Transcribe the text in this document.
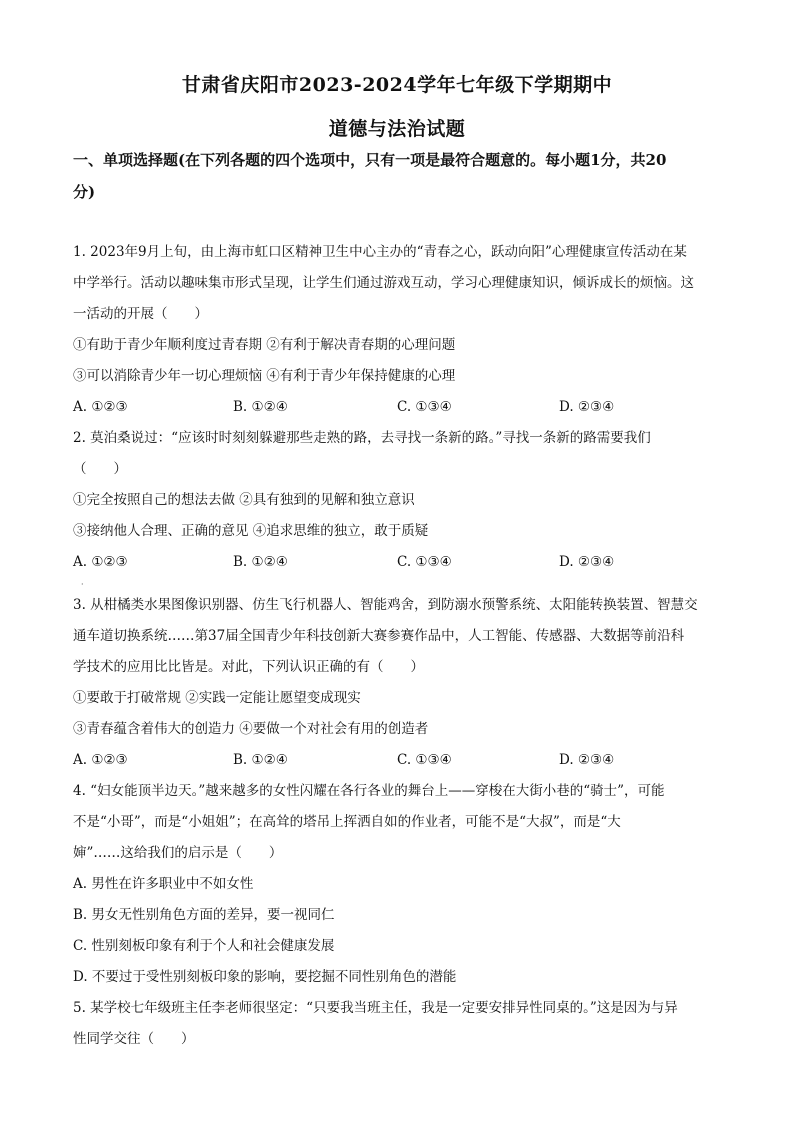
甘肃省庆阳市2023-2024学年七年级下学期期中
道德与法治试题
一、单项选择题(在下列各题的四个选项中，只有一项是最符合题意的。每小题1分，共20
分)
1. 2023年9月上旬，由上海市虹口区精神卫生中心主办的“青春之心，跃动向阳”心理健康宣传活动在某
中学举行。活动以趣味集市形式呈现，让学生们通过游戏互动，学习心理健康知识，倾诉成长的烦恼。这
一活动的开展（　　）
①有助于青少年顺利度过青春期 ②有利于解决青春期的心理问题
③可以消除青少年一切心理烦恼 ④有利于青少年保持健康的心理
A. ①②③	B. ①②④	C. ①③④	D. ②③④
2. 莫泊桑说过：“应该时时刻刻躲避那些走熟的路，去寻找一条新的路。”寻找一条新的路需要我们
（　　）
①完全按照自己的想法去做 ②具有独到的见解和独立意识
③接纳他人合理、正确的意见 ④追求思维的独立，敢于质疑
A. ①②③	B. ①②④	C. ①③④	D. ②③④
·
3. 从柑橘类水果图像识别器、仿生飞行机器人、智能鸡舍，到防溺水预警系统、太阳能转换装置、智慧交
通车道切换系统……第37届全国青少年科技创新大赛参赛作品中，人工智能、传感器、大数据等前沿科
学技术的应用比比皆是。对此，下列认识正确的有（　　）
①要敢于打破常规 ②实践一定能让愿望变成现实
③青春蕴含着伟大的创造力 ④要做一个对社会有用的创造者
A. ①②③	B. ①②④	C. ①③④	D. ②③④
4. “妇女能顶半边天。”越来越多的女性闪耀在各行各业的舞台上——穿梭在大街小巷的“骑士”，可能
不是“小哥”，而是“小姐姐”；在高耸的塔吊上挥洒自如的作业者，可能不是“大叔”，而是“大
婶”……这给我们的启示是（　　）
A. 男性在许多职业中不如女性
B. 男女无性别角色方面的差异，要一视同仁
C. 性别刻板印象有利于个人和社会健康发展
D. 不要过于受性别刻板印象的影响，要挖掘不同性别角色的潜能
5. 某学校七年级班主任李老师很坚定：“只要我当班主任，我是一定要安排异性同桌的。”这是因为与异
性同学交往（　　）
